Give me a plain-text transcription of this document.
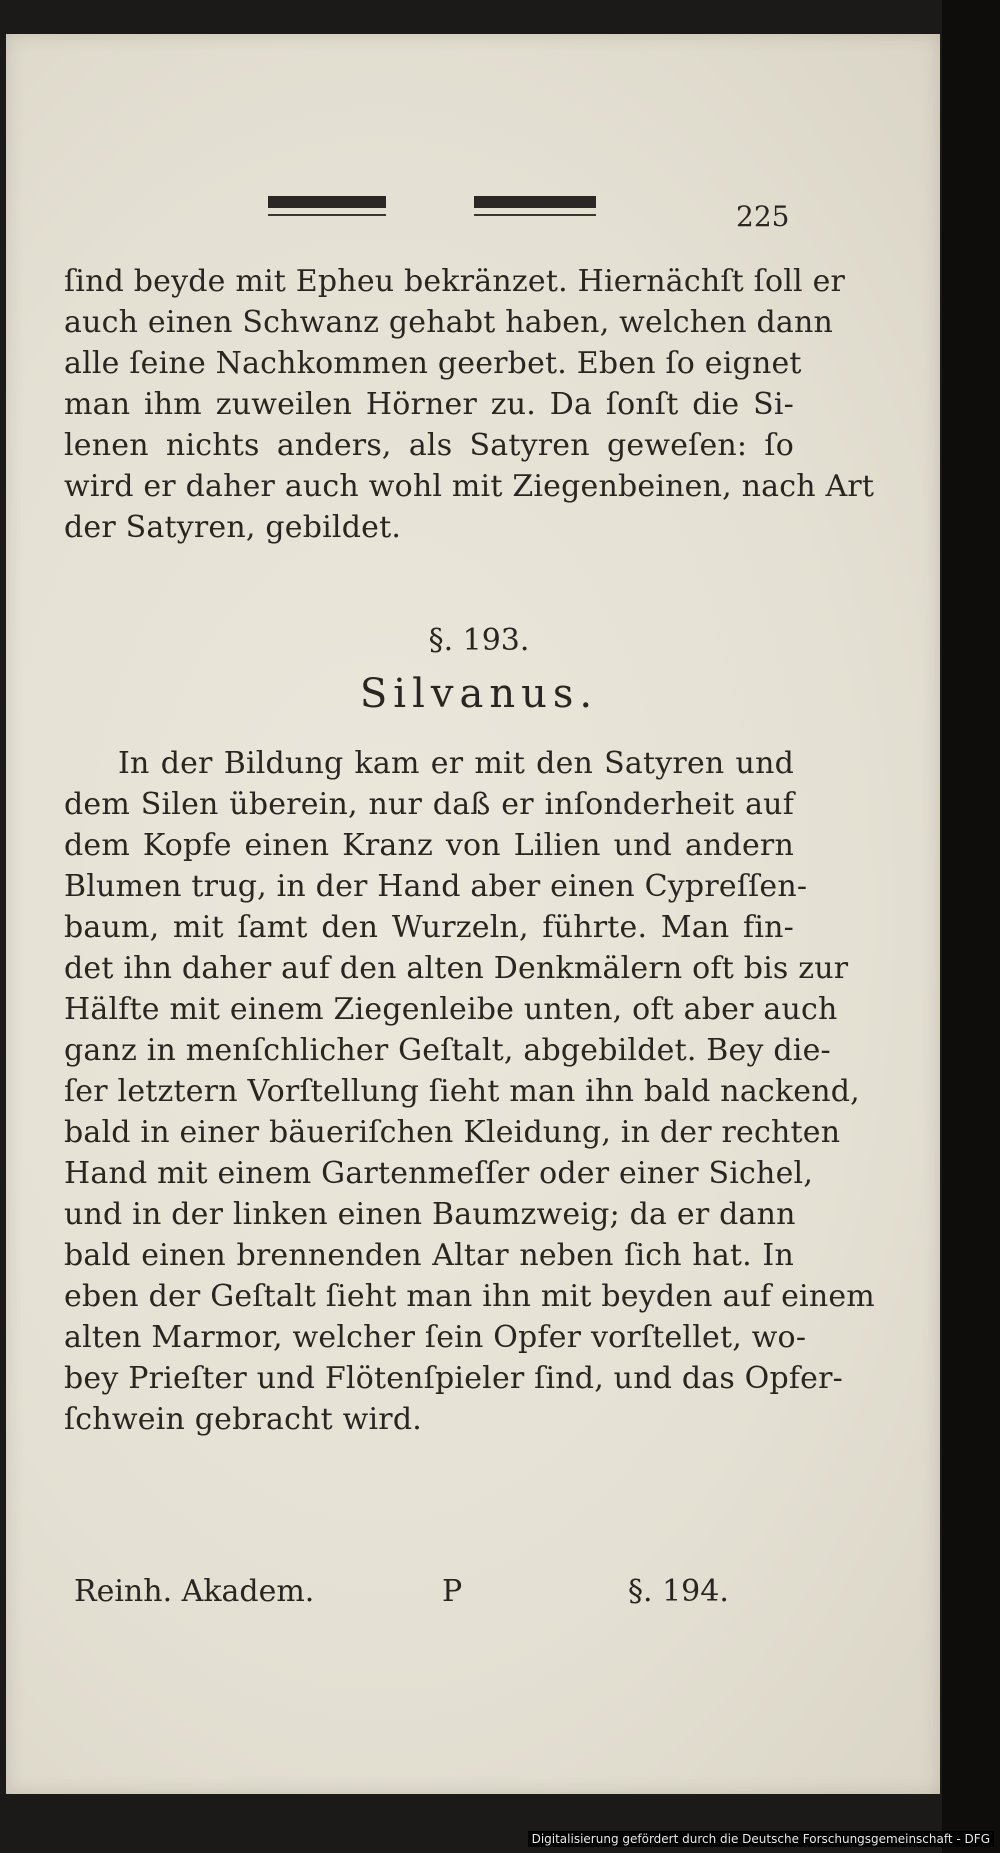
225
ſind beyde mit Epheu bekränzet. Hiernächſt ſoll er
auch einen Schwanz gehabt haben, welchen dann
alle ſeine Nachkommen geerbet. Eben ſo eignet
man ihm zuweilen Hörner zu. Da ſonſt die Si-
lenen nichts anders, als Satyren geweſen: ſo
wird er daher auch wohl mit Ziegenbeinen, nach Art
der Satyren, gebildet.
§. 193.
Silvanus.
In der Bildung kam er mit den Satyren und
dem Silen überein, nur daß er inſonderheit auf
dem Kopfe einen Kranz von Lilien und andern
Blumen trug, in der Hand aber einen Cypreſſen-
baum, mit ſamt den Wurzeln, führte. Man fin-
det ihn daher auf den alten Denkmälern oft bis zur
Hälfte mit einem Ziegenleibe unten, oft aber auch
ganz in menſchlicher Geſtalt, abgebildet. Bey die-
ſer letztern Vorſtellung ſieht man ihn bald nackend,
bald in einer bäueriſchen Kleidung, in der rechten
Hand mit einem Gartenmeſſer oder einer Sichel,
und in der linken einen Baumzweig; da er dann
bald einen brennenden Altar neben ſich hat. In
eben der Geſtalt ſieht man ihn mit beyden auf einem
alten Marmor, welcher ſein Opfer vorſtellet, wo-
bey Prieſter und Flötenſpieler ſind, und das Opfer-
ſchwein gebracht wird.
Reinh. Akadem.	P	§. 194.
Digitalisierung gefördert durch die Deutsche Forschungsgemeinschaft - DFG
